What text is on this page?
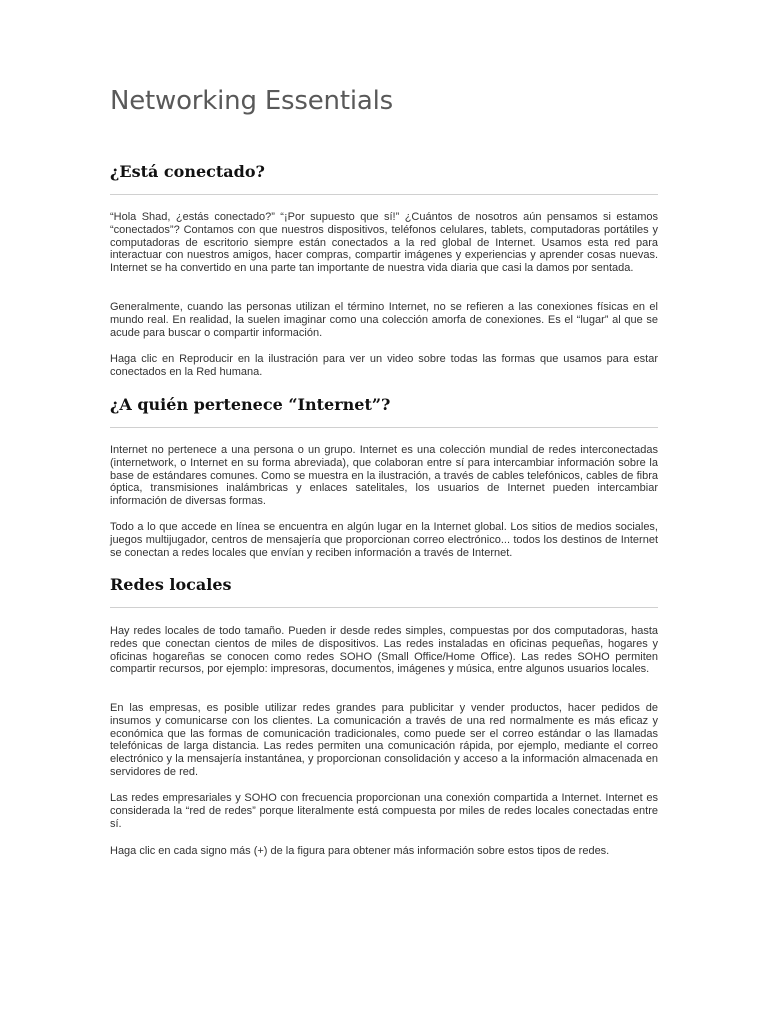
Networking Essentials
¿Está conectado?

“Hola Shad, ¿estás conectado?” “¡Por supuesto que sí!” ¿Cuántos de nosotros aún pensamos si estamos “conectados”? Contamos con que nuestros dispositivos, teléfonos celulares, tablets, computadoras portátiles y computadoras de escritorio siempre están conectados a la red global de Internet. Usamos esta red para interactuar con nuestros amigos, hacer compras, compartir imágenes y experiencias y aprender cosas nuevas. Internet se ha convertido en una parte tan importante de nuestra vida diaria que casi la damos por sentada.

Generalmente, cuando las personas utilizan el término Internet, no se refieren a las conexiones físicas en el mundo real. En realidad, la suelen imaginar como una colección amorfa de conexiones. Es el “lugar” al que se acude para buscar o compartir información.

Haga clic en Reproducir en la ilustración para ver un video sobre todas las formas que usamos para estar conectados en la Red humana.

¿A quién pertenece “Internet”?

Internet no pertenece a una persona o un grupo. Internet es una colección mundial de redes interconectadas (internetwork, o Internet en su forma abreviada), que colaboran entre sí para intercambiar información sobre la base de estándares comunes. Como se muestra en la ilustración, a través de cables telefónicos, cables de fibra óptica, transmisiones inalámbricas y enlaces satelitales, los usuarios de Internet pueden intercambiar información de diversas formas.

Todo a lo que accede en línea se encuentra en algún lugar en la Internet global. Los sitios de medios sociales, juegos multijugador, centros de mensajería que proporcionan correo electrónico... todos los destinos de Internet se conectan a redes locales que envían y reciben información a través de Internet.

Redes locales

Hay redes locales de todo tamaño. Pueden ir desde redes simples, compuestas por dos computadoras, hasta redes que conectan cientos de miles de dispositivos. Las redes instaladas en oficinas pequeñas, hogares y oficinas hogareñas se conocen como redes SOHO (Small Office/Home Office). Las redes SOHO permiten compartir recursos, por ejemplo: impresoras, documentos, imágenes y música, entre algunos usuarios locales.

En las empresas, es posible utilizar redes grandes para publicitar y vender productos, hacer pedidos de insumos y comunicarse con los clientes. La comunicación a través de una red normalmente es más eficaz y económica que las formas de comunicación tradicionales, como puede ser el correo estándar o las llamadas telefónicas de larga distancia. Las redes permiten una comunicación rápida, por ejemplo, mediante el correo electrónico y la mensajería instantánea, y proporcionan consolidación y acceso a la información almacenada en servidores de red.

Las redes empresariales y SOHO con frecuencia proporcionan una conexión compartida a Internet. Internet es considerada la “red de redes” porque literalmente está compuesta por miles de redes locales conectadas entre sí.

Haga clic en cada signo más (+) de la figura para obtener más información sobre estos tipos de redes.
